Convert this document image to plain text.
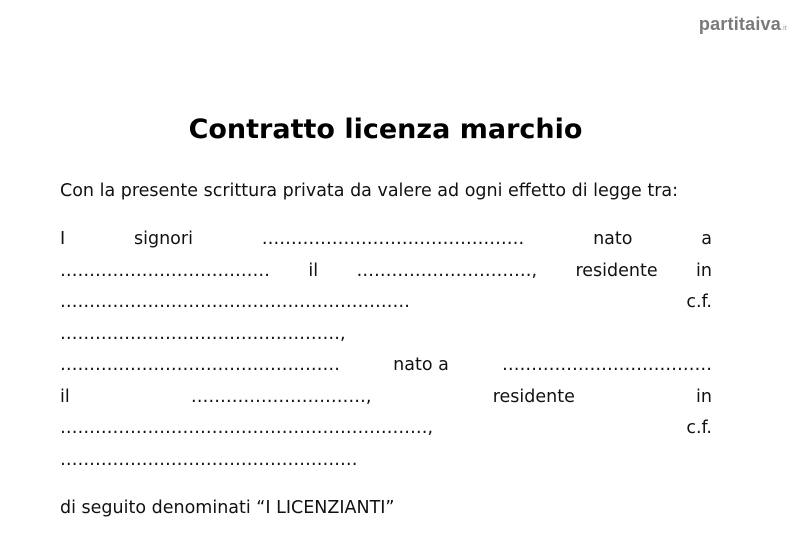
partitaiva.it
Contratto licenza marchio

Con la presente scrittura privata da valere ad ogni effetto di legge tra:

I	signori	………………………………………	nato	a
……………………………… il …………………………, residente in
……………………………………………………	c.f.
…………………………………………,
…………………………………………	nato a	………………………………
il	…………………………,	residente	in
………………………………………………………,	c.f.
……………………………………………

di seguito denominati “I LICENZIANTI”
